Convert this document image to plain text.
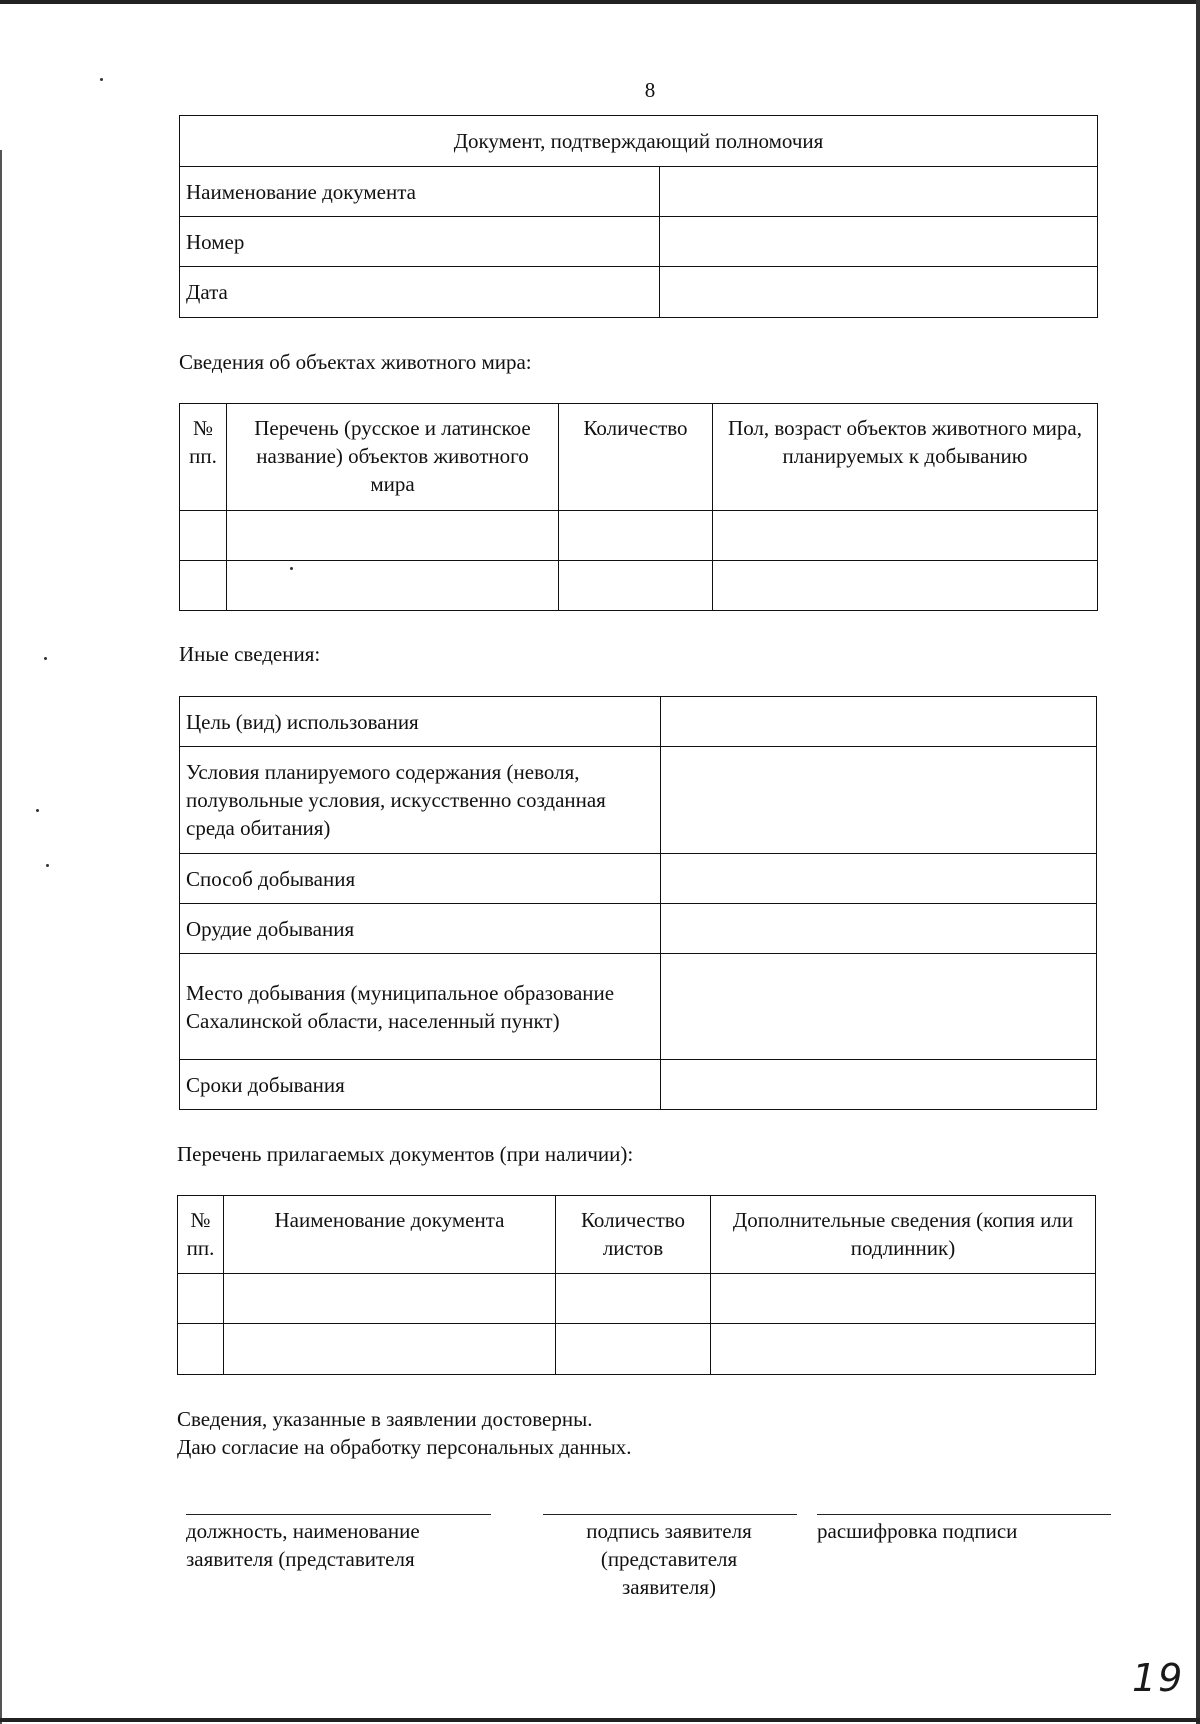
8
Документ, подтверждающий полномочия	
Наименование документа	
Номер	
Дата	
Сведения об объектах животного мира:
№ пп.	Перечень (русское и латинское название) объектов животного мира	Количество	Пол, возраст объектов животного мира, планируемых к добыванию

Иные сведения:
Цель (вид) использования	
Условия планируемого содержания (неволя, полувольные условия, искусственно созданная среда обитания)	
Способ добывания	
Орудие добывания	
Место добывания (муниципальное образование Сахалинской области, населенный пункт)	
Сроки добывания	
Перечень прилагаемых документов (при наличии):
№ пп.	Наименование документа	Количество листов	Дополнительные сведения (копия или подлинник)

Сведения, указанные в заявлении достоверны.
Даю согласие на обработку персональных данных.
должность, наименование заявителя (представителя
подпись заявителя (представителя заявителя)
расшифровка подписи
19
